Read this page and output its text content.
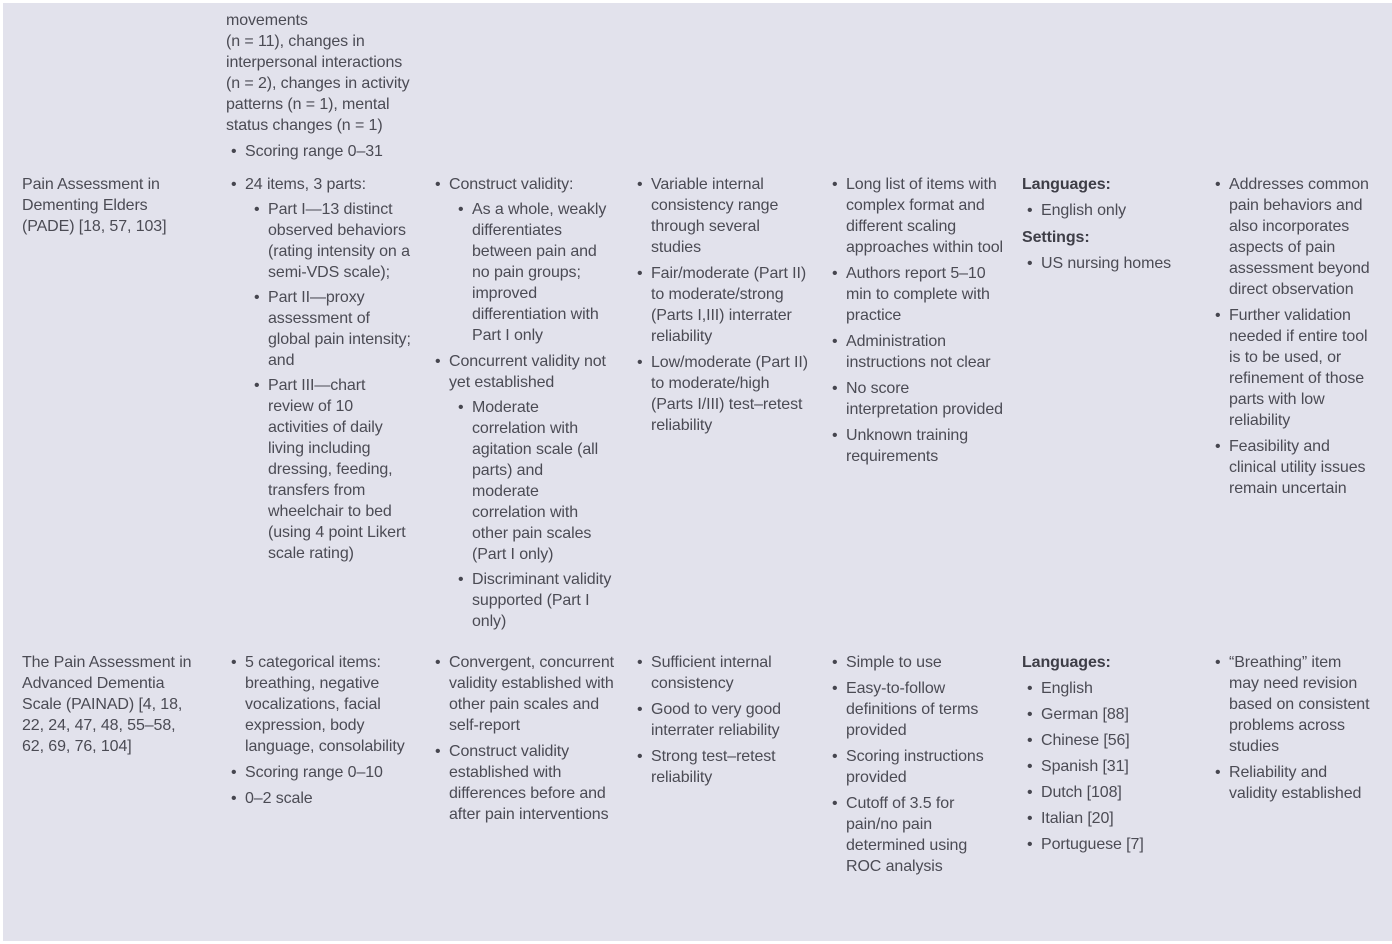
movements
(n = 11), changes in interpersonal interactions (n = 2), changes in activity patterns (n = 1), mental status changes (n = 1)
• Scoring range 0–31
Pain Assessment in Dementing Elders (PADE) [18, 57, 103]
• 24 items, 3 parts:
• Part I—13 distinct observed behaviors (rating intensity on a semi-VDS scale);
• Part II—proxy assessment of global pain intensity; and
• Part III—chart review of 10 activities of daily living including dressing, feeding, transfers from wheelchair to bed (using 4 point Likert scale rating)
• Construct validity:
• As a whole, weakly differentiates between pain and no pain groups; improved differentiation with Part I only
• Concurrent validity not yet established
• Moderate correlation with agitation scale (all parts) and moderate correlation with other pain scales (Part I only)
• Discriminant validity supported (Part I only)
• Variable internal consistency range through several studies
• Fair/moderate (Part II) to moderate/strong (Parts I,III) interrater reliability
• Low/moderate (Part II) to moderate/high (Parts I/III) test–retest reliability
• Long list of items with complex format and different scaling approaches within tool
• Authors report 5–10 min to complete with practice
• Administration instructions not clear
• No score interpretation provided
• Unknown training requirements
Languages:
• English only
Settings:
• US nursing homes
• Addresses common pain behaviors and also incorporates aspects of pain assessment beyond direct observation
• Further validation needed if entire tool is to be used, or refinement of those parts with low reliability
• Feasibility and clinical utility issues remain uncertain
The Pain Assessment in Advanced Dementia Scale (PAINAD) [4, 18, 22, 24, 47, 48, 55–58, 62, 69, 76, 104]
• 5 categorical items: breathing, negative vocalizations, facial expression, body language, consolability
• Scoring range 0–10
• 0–2 scale
• Convergent, concurrent validity established with other pain scales and self-report
• Construct validity established with differences before and after pain interventions
• Sufficient internal consistency
• Good to very good interrater reliability
• Strong test–retest reliability
• Simple to use
• Easy-to-follow definitions of terms provided
• Scoring instructions provided
• Cutoff of 3.5 for pain/no pain determined using ROC analysis
Languages:
• English
• German [88]
• Chinese [56]
• Spanish [31]
• Dutch [108]
• Italian [20]
• Portuguese [7]
• “Breathing” item may need revision based on consistent problems across studies
• Reliability and validity established
